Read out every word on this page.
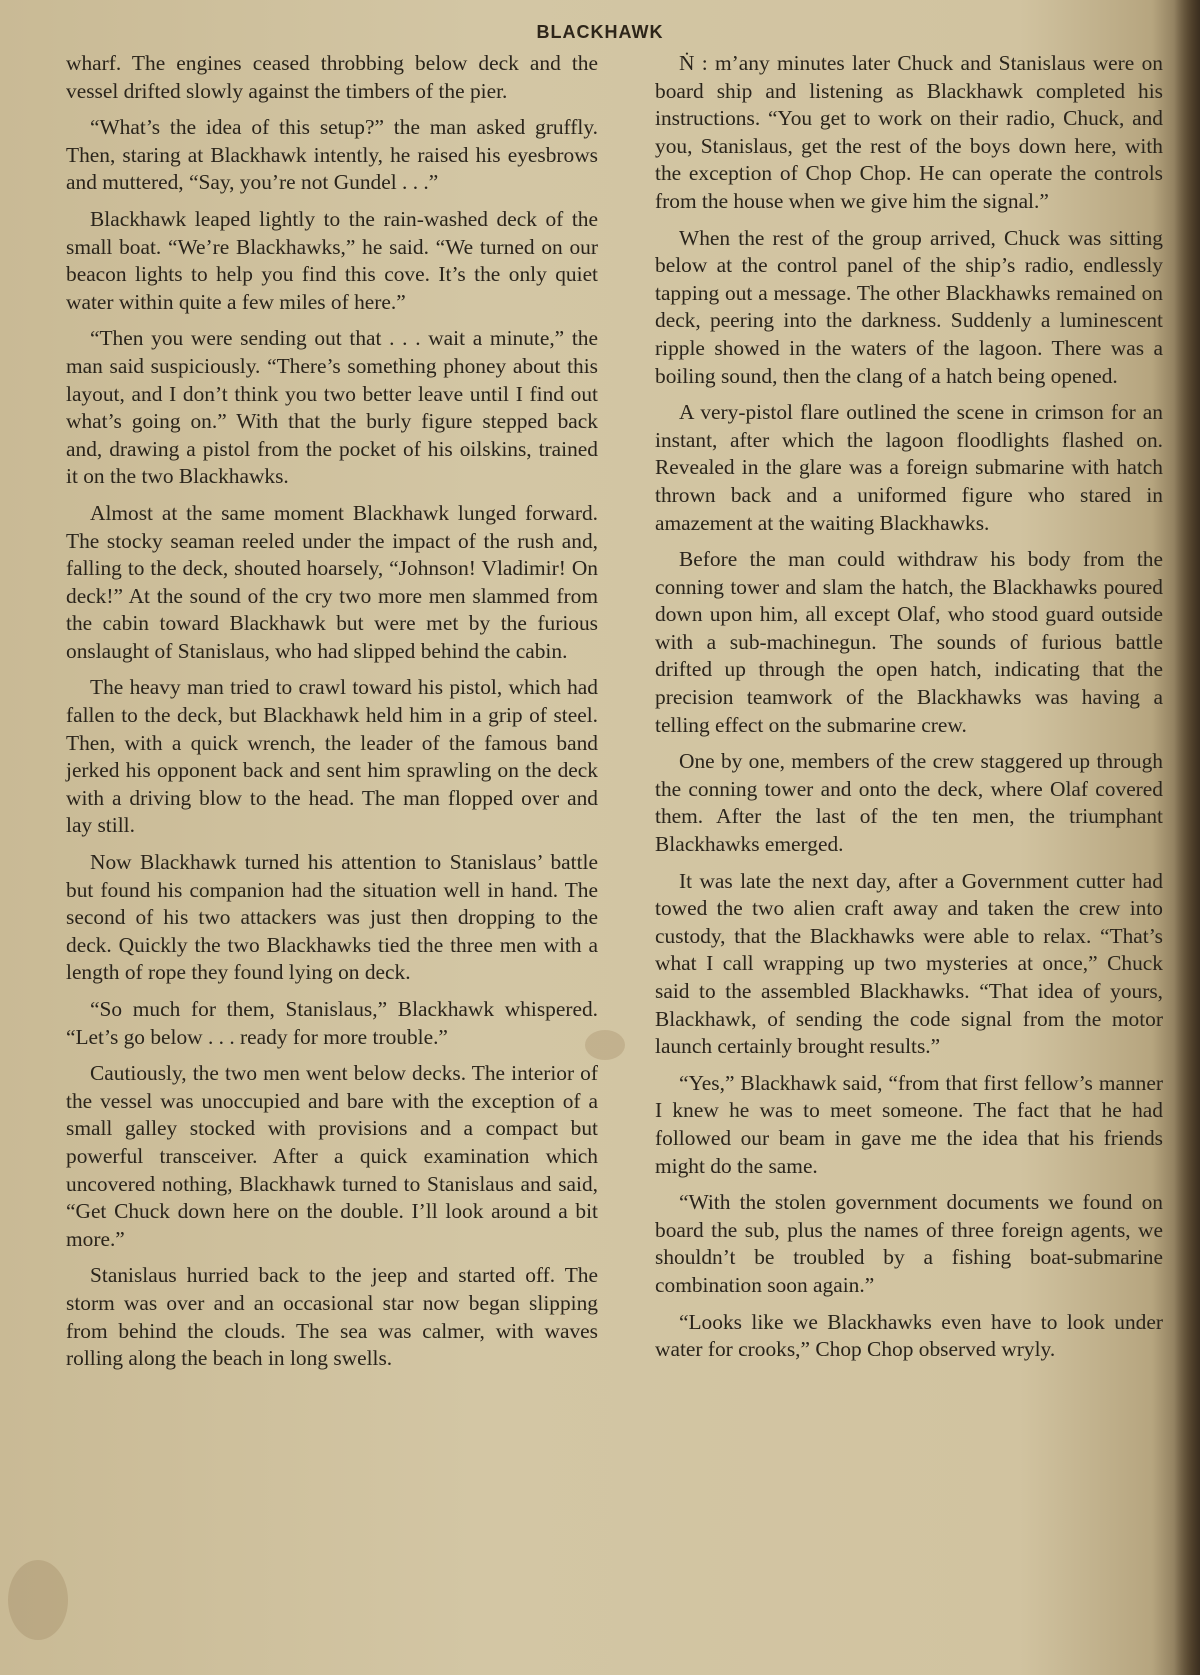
BLACKHAWK

wharf. The engines ceased throbbing below deck and the vessel drifted slowly against the timbers of the pier.

“What’s the idea of this setup?” the man asked gruffly. Then, staring at Blackhawk intently, he raised his eyesbrows and muttered, “Say, you’re not Gundel . . .”

Blackhawk leaped lightly to the rain-washed deck of the small boat. “We’re Blackhawks,” he said. “We turned on our beacon lights to help you find this cove. It’s the only quiet water within quite a few miles of here.”

“Then you were sending out that . . . wait a minute,” the man said suspiciously. “There’s something phoney about this layout, and I don’t think you two better leave until I find out what’s going on.” With that the burly figure stepped back and, drawing a pistol from the pocket of his oilskins, trained it on the two Blackhawks.

Almost at the same moment Blackhawk lunged forward. The stocky seaman reeled under the impact of the rush and, falling to the deck, shouted hoarsely, “Johnson! Vladimir! On deck!” At the sound of the cry two more men slammed from the cabin toward Blackhawk but were met by the furious onslaught of Stanislaus, who had slipped behind the cabin.

The heavy man tried to crawl toward his pistol, which had fallen to the deck, but Blackhawk held him in a grip of steel. Then, with a quick wrench, the leader of the famous band jerked his opponent back and sent him sprawling on the deck with a driving blow to the head. The man flopped over and lay still.

Now Blackhawk turned his attention to Stanislaus’ battle but found his companion had the situation well in hand. The second of his two attackers was just then dropping to the deck. Quickly the two Blackhawks tied the three men with a length of rope they found lying on deck.

“So much for them, Stanislaus,” Blackhawk whispered. “Let’s go below . . . ready for more trouble.”

Cautiously, the two men went below decks. The interior of the vessel was unoccupied and bare with the exception of a small galley stocked with provisions and a compact but powerful transceiver. After a quick examination which uncovered nothing, Blackhawk turned to Stanislaus and said, “Get Chuck down here on the double. I’ll look around a bit more.”

Stanislaus hurried back to the jeep and started off. The storm was over and an occasional star now began slipping from behind the clouds. The sea was calmer, with waves rolling along the beach in long swells.

Ṅ : m’any minutes later Chuck and Stanislaus were on board ship and listening as Blackhawk completed his instructions. “You get to work on their radio, Chuck, and you, Stanislaus, get the rest of the boys down here, with the exception of Chop Chop. He can operate the controls from the house when we give him the signal.”

When the rest of the group arrived, Chuck was sitting below at the control panel of the ship’s radio, endlessly tapping out a message. The other Blackhawks remained on deck, peering into the darkness. Suddenly a luminescent ripple showed in the waters of the lagoon. There was a boiling sound, then the clang of a hatch being opened.

A very-pistol flare outlined the scene in crimson for an instant, after which the lagoon floodlights flashed on. Revealed in the glare was a foreign submarine with hatch thrown back and a uniformed figure who stared in amazement at the waiting Blackhawks.

Before the man could withdraw his body from the conning tower and slam the hatch, the Blackhawks poured down upon him, all except Olaf, who stood guard outside with a sub-machinegun. The sounds of furious battle drifted up through the open hatch, indicating that the precision teamwork of the Blackhawks was having a telling effect on the submarine crew.

One by one, members of the crew staggered up through the conning tower and onto the deck, where Olaf covered them. After the last of the ten men, the triumphant Blackhawks emerged.

It was late the next day, after a Government cutter had towed the two alien craft away and taken the crew into custody, that the Blackhawks were able to relax. “That’s what I call wrapping up two mysteries at once,” Chuck said to the assembled Blackhawks. “That idea of yours, Blackhawk, of sending the code signal from the motor launch certainly brought results.”

“Yes,” Blackhawk said, “from that first fellow’s manner I knew he was to meet someone. The fact that he had followed our beam in gave me the idea that his friends might do the same.

“With the stolen government documents we found on board the sub, plus the names of three foreign agents, we shouldn’t be troubled by a fishing boat-submarine combination soon again.”

“Looks like we Blackhawks even have to look under water for crooks,” Chop Chop observed wryly.
